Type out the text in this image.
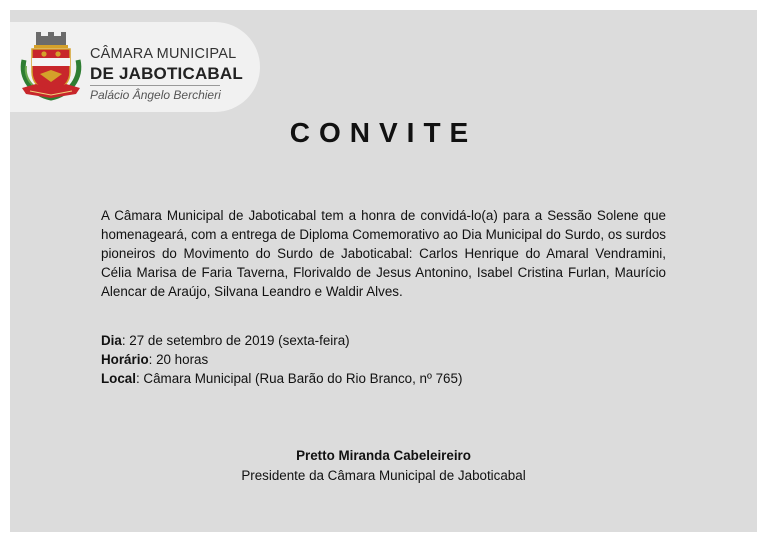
CÂMARA MUNICIPAL
DE JABOTICABAL
Palácio Ângelo Berchieri
CONVITE
A Câmara Municipal de Jaboticabal tem a honra de convidá-lo(a) para a Sessão Solene que homenageará, com a entrega de Diploma Comemorativo ao Dia Municipal do Surdo, os surdos pioneiros do Movimento do Surdo de Jaboticabal: Carlos Henrique do Amaral Vendramini, Célia Marisa de Faria Taverna, Florivaldo de Jesus Antonino, Isabel Cristina Furlan, Maurício Alencar de Araújo, Silvana Leandro e Waldir Alves.
Dia: 27 de setembro de 2019 (sexta-feira)
Horário: 20 horas
Local: Câmara Municipal (Rua Barão do Rio Branco, nº 765)
Pretto Miranda Cabeleireiro
Presidente da Câmara Municipal de Jaboticabal
